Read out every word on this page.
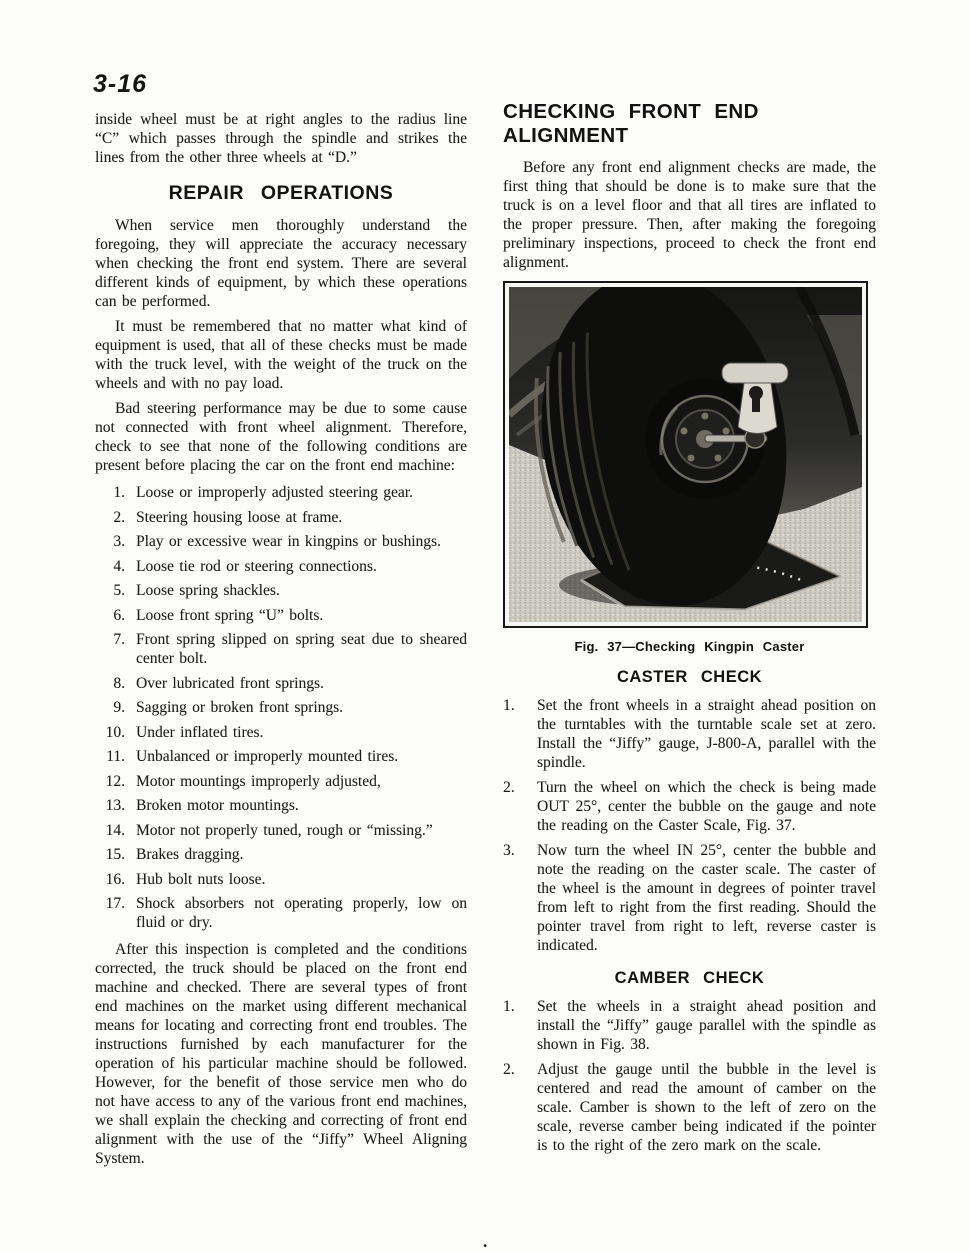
3-16

inside wheel must be at right angles to the radius line “C” which passes through the spindle and strikes the lines from the other three wheels at “D.”

REPAIR OPERATIONS

When service men thoroughly understand the foregoing, they will appreciate the accuracy necessary when checking the front end system. There are several different kinds of equipment, by which these operations can be performed.

It must be remembered that no matter what kind of equipment is used, that all of these checks must be made with the truck level, with the weight of the truck on the wheels and with no pay load.

Bad steering performance may be due to some cause not connected with front wheel alignment. Therefore, check to see that none of the following conditions are present before placing the car on the front end machine:

1. Loose or improperly adjusted steering gear.
2. Steering housing loose at frame.
3. Play or excessive wear in kingpins or bushings.
4. Loose tie rod or steering connections.
5. Loose spring shackles.
6. Loose front spring “U” bolts.
7. Front spring slipped on spring seat due to sheared center bolt.
8. Over lubricated front springs.
9. Sagging or broken front springs.
10. Under inflated tires.
11. Unbalanced or improperly mounted tires.
12. Motor mountings improperly adjusted,
13. Broken motor mountings.
14. Motor not properly tuned, rough or “missing.”
15. Brakes dragging.
16. Hub bolt nuts loose.
17. Shock absorbers not operating properly, low on fluid or dry.

After this inspection is completed and the conditions corrected, the truck should be placed on the front end machine and checked. There are several types of front end machines on the market using different mechanical means for locating and correcting front end troubles. The instructions furnished by each manufacturer for the operation of his particular machine should be followed. However, for the benefit of those service men who do not have access to any of the various front end machines, we shall explain the checking and correcting of front end alignment with the use of the “Jiffy” Wheel Aligning System.

CHECKING FRONT END ALIGNMENT

Before any front end alignment checks are made, the first thing that should be done is to make sure that the truck is on a level floor and that all tires are inflated to the proper pressure. Then, after making the foregoing preliminary inspections, proceed to check the front end alignment.

Fig. 37—Checking Kingpin Caster
CASTER CHECK
1.	Set the front wheels in a straight ahead position on the turntables with the turntable scale set at zero. Install the “Jiffy” gauge, J-800-A, parallel with the spindle.
2.	Turn the wheel on which the check is being made OUT 25°, center the bubble on the gauge and note the reading on the Caster Scale, Fig. 37.
3.	Now turn the wheel IN 25°, center the bubble and note the reading on the caster scale. The caster of the wheel is the amount in degrees of pointer travel from left to right from the first reading. Should the pointer travel from right to left, reverse caster is indicated.
CAMBER CHECK
1.	Set the wheels in a straight ahead position and install the “Jiffy” gauge parallel with the spindle as shown in Fig. 38.
2.	Adjust the gauge until the bubble in the level is centered and read the amount of camber on the scale. Camber is shown to the left of zero on the scale, reverse camber being indicated if the pointer is to the right of the zero mark on the scale.
.
